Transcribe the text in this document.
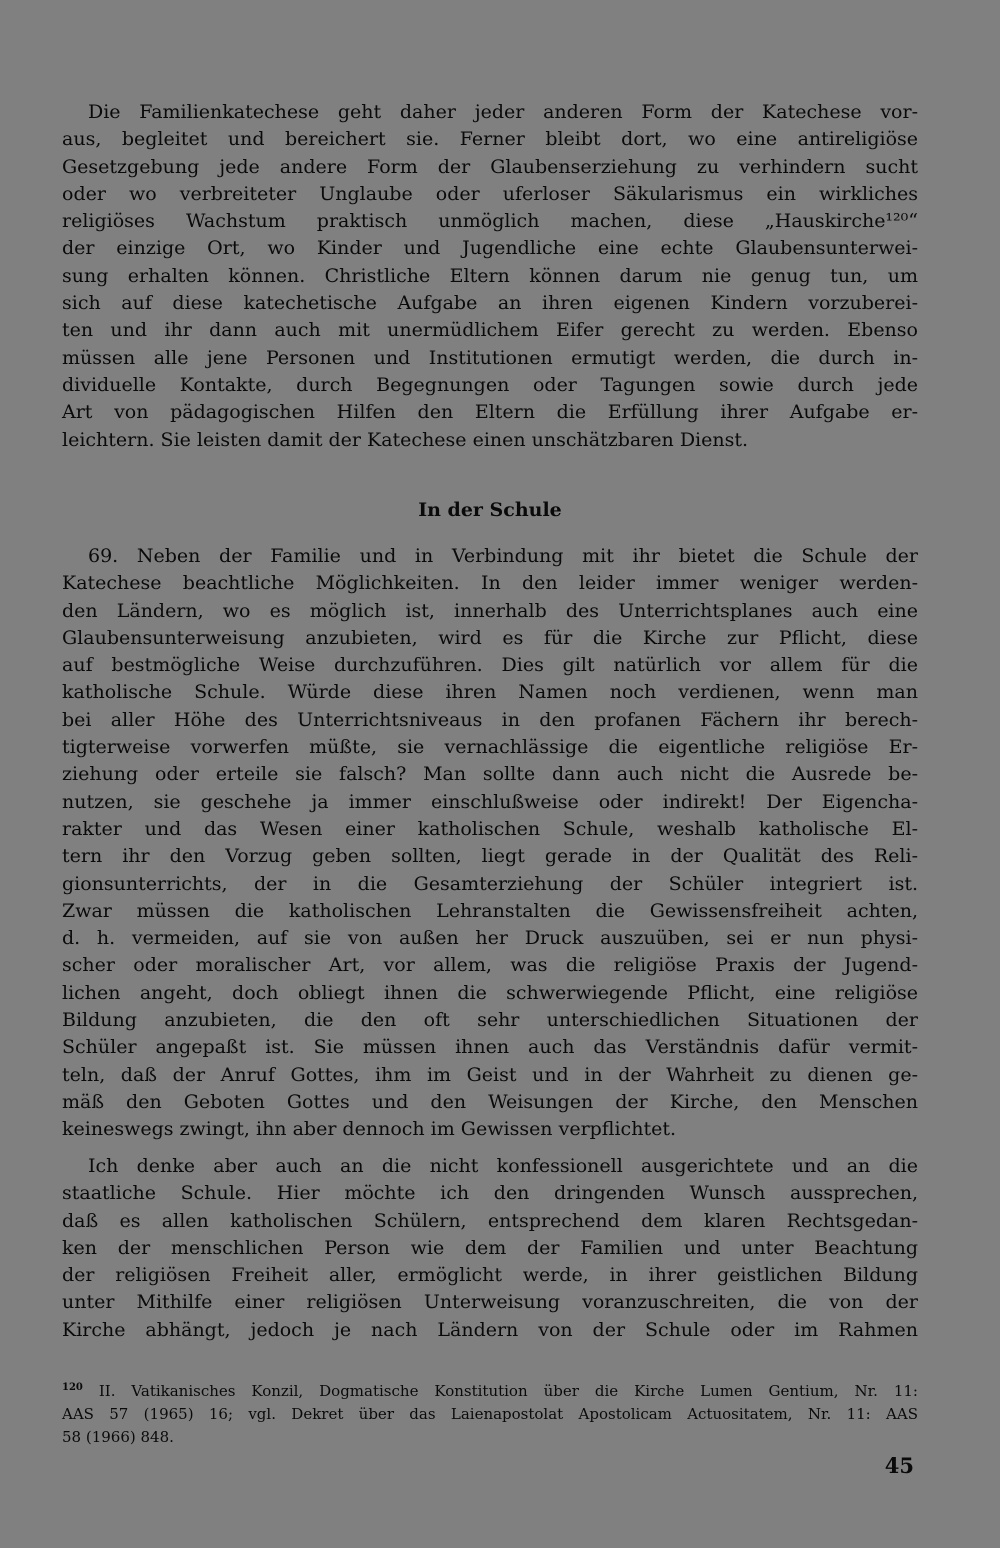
Die Familienkatechese geht daher jeder anderen Form der Katechese vor-
aus, begleitet und bereichert sie. Ferner bleibt dort, wo eine antireligiöse
Gesetzgebung jede andere Form der Glaubenserziehung zu verhindern sucht
oder wo verbreiteter Unglaube oder uferloser Säkularismus ein wirkliches
religiöses Wachstum praktisch unmöglich machen, diese „Hauskirche¹²⁰“
der einzige Ort, wo Kinder und Jugendliche eine echte Glaubensunterwei-
sung erhalten können. Christliche Eltern können darum nie genug tun, um
sich auf diese katechetische Aufgabe an ihren eigenen Kindern vorzuberei-
ten und ihr dann auch mit unermüdlichem Eifer gerecht zu werden. Ebenso
müssen alle jene Personen und Institutionen ermutigt werden, die durch in-
dividuelle Kontakte, durch Begegnungen oder Tagungen sowie durch jede
Art von pädagogischen Hilfen den Eltern die Erfüllung ihrer Aufgabe er-
leichtern. Sie leisten damit der Katechese einen unschätzbaren Dienst.
In der Schule
69. Neben der Familie und in Verbindung mit ihr bietet die Schule der
Katechese beachtliche Möglichkeiten. In den leider immer weniger werden-
den Ländern, wo es möglich ist, innerhalb des Unterrichtsplanes auch eine
Glaubensunterweisung anzubieten, wird es für die Kirche zur Pflicht, diese
auf bestmögliche Weise durchzuführen. Dies gilt natürlich vor allem für die
katholische Schule. Würde diese ihren Namen noch verdienen, wenn man
bei aller Höhe des Unterrichtsniveaus in den profanen Fächern ihr berech-
tigterweise vorwerfen müßte, sie vernachlässige die eigentliche religiöse Er-
ziehung oder erteile sie falsch? Man sollte dann auch nicht die Ausrede be-
nutzen, sie geschehe ja immer einschlußweise oder indirekt! Der Eigencha-
rakter und das Wesen einer katholischen Schule, weshalb katholische El-
tern ihr den Vorzug geben sollten, liegt gerade in der Qualität des Reli-
gionsunterrichts, der in die Gesamterziehung der Schüler integriert ist.
Zwar müssen die katholischen Lehranstalten die Gewissensfreiheit achten,
d. h. vermeiden, auf sie von außen her Druck auszuüben, sei er nun physi-
scher oder moralischer Art, vor allem, was die religiöse Praxis der Jugend-
lichen angeht, doch obliegt ihnen die schwerwiegende Pflicht, eine religiöse
Bildung anzubieten, die den oft sehr unterschiedlichen Situationen der
Schüler angepaßt ist. Sie müssen ihnen auch das Verständnis dafür vermit-
teln, daß der Anruf Gottes, ihm im Geist und in der Wahrheit zu dienen ge-
mäß den Geboten Gottes und den Weisungen der Kirche, den Menschen
keineswegs zwingt, ihn aber dennoch im Gewissen verpflichtet.
Ich denke aber auch an die nicht konfessionell ausgerichtete und an die
staatliche Schule. Hier möchte ich den dringenden Wunsch aussprechen,
daß es allen katholischen Schülern, entsprechend dem klaren Rechtsgedan-
ken der menschlichen Person wie dem der Familien und unter Beachtung
der religiösen Freiheit aller, ermöglicht werde, in ihrer geistlichen Bildung
unter Mithilfe einer religiösen Unterweisung voranzuschreiten, die von der
Kirche abhängt, jedoch je nach Ländern von der Schule oder im Rahmen
$^{120}$ II. Vatikanisches Konzil, Dogmatische Konstitution über die Kirche Lumen Gentium, Nr. 11:
AAS 57 (1965) 16; vgl. Dekret über das Laienapostolat Apostolicam Actuositatem, Nr. 11: AAS
58 (1966) 848.
45
